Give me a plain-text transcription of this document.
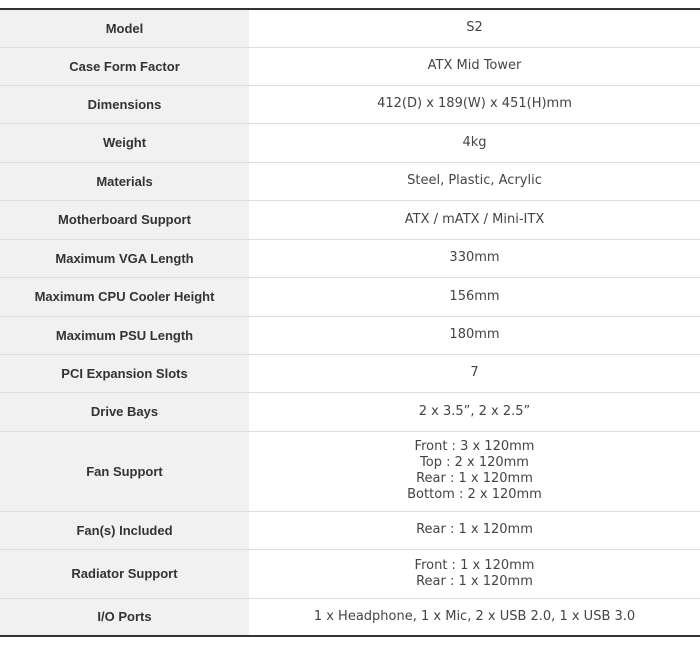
Model	S2

Case Form Factor	ATX Mid Tower

Dimensions	412(D) x 189(W) x 451(H)mm

Weight	4kg

Materials	Steel, Plastic, Acrylic

Motherboard Support	ATX / mATX / Mini-ITX

Maximum VGA Length	330mm

Maximum CPU Cooler Height	156mm

Maximum PSU Length	180mm

PCI Expansion Slots	7

Drive Bays	2 x 3.5”, 2 x 2.5”

Fan Support	Front : 3 x 120mm
Top : 2 x 120mm
Rear : 1 x 120mm
Bottom : 2 x 120mm

Fan(s) Included	Rear : 1 x 120mm

Radiator Support	Front : 1 x 120mm
Rear : 1 x 120mm

I/O Ports	1 x Headphone, 1 x Mic, 2 x USB 2.0, 1 x USB 3.0
